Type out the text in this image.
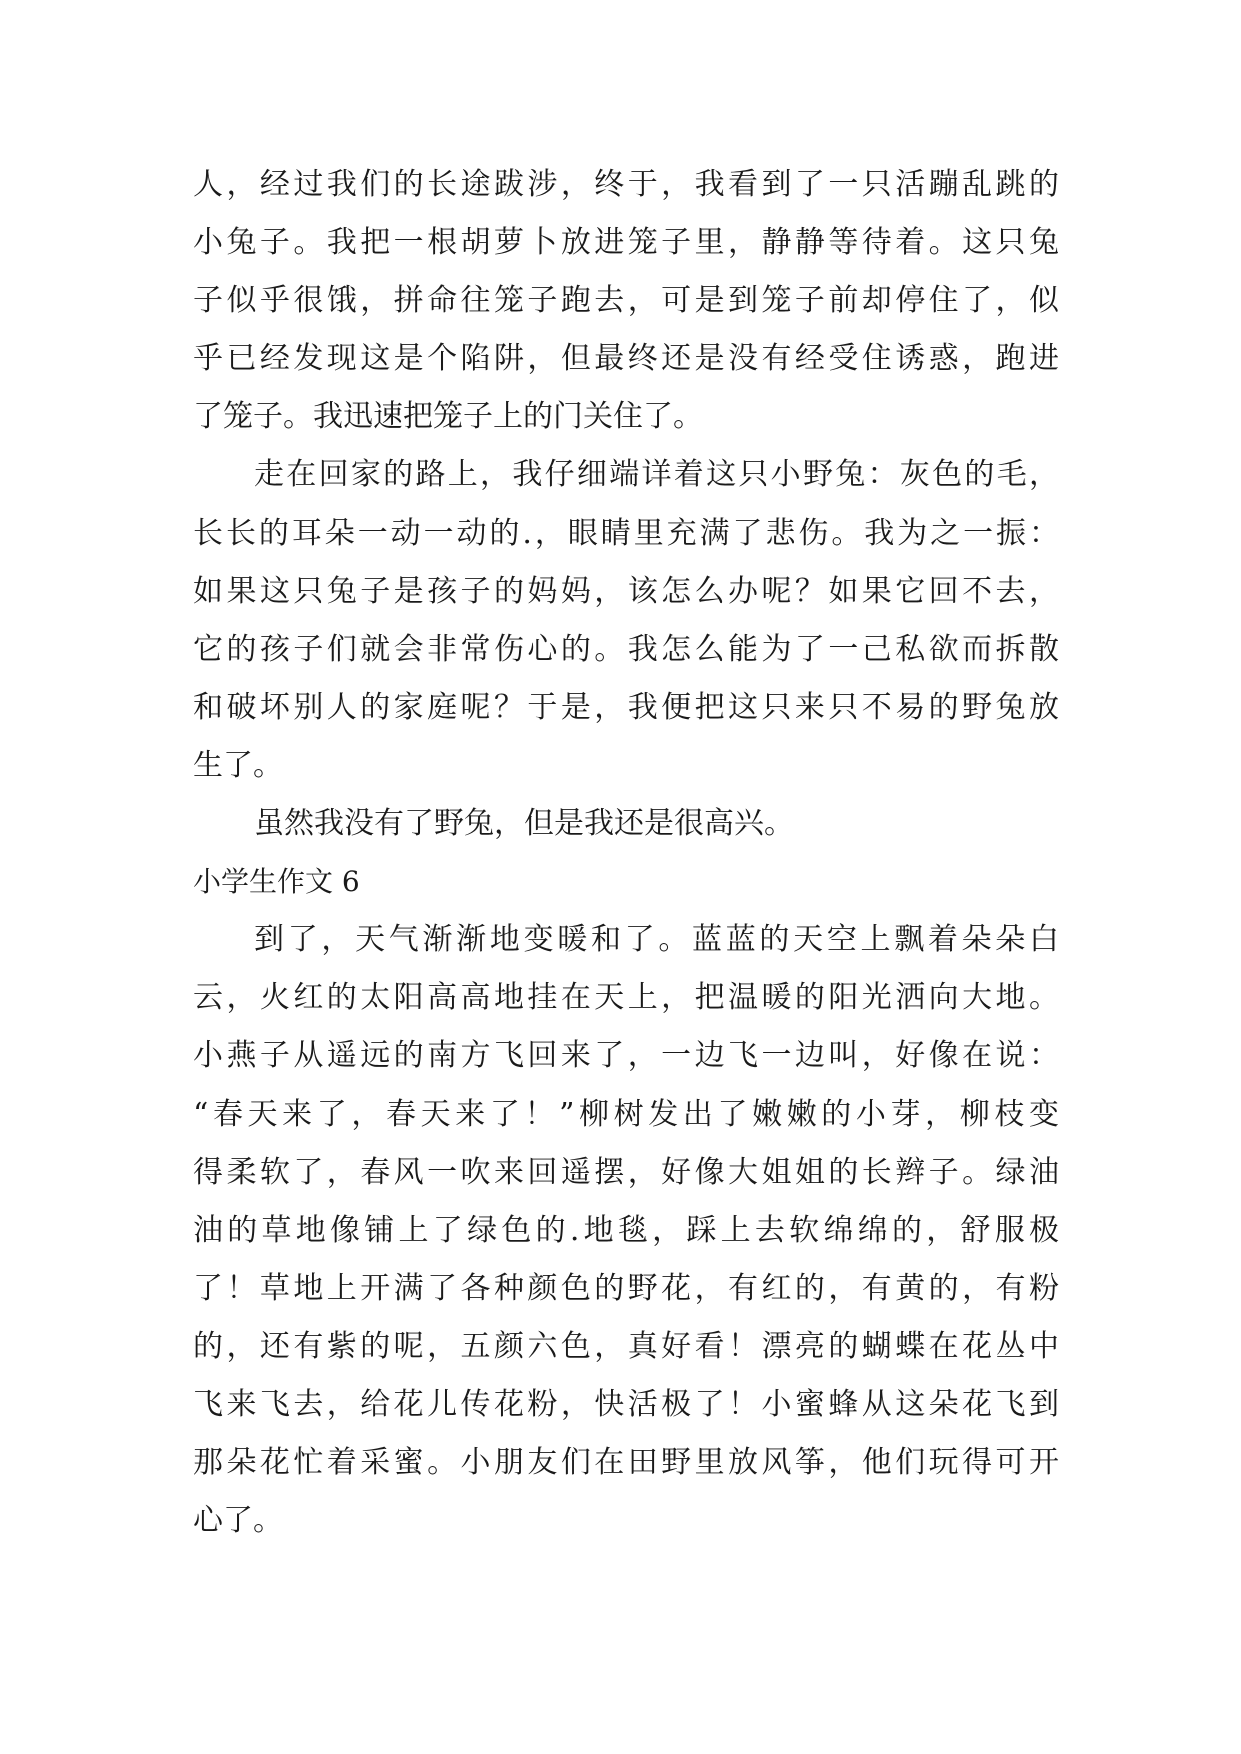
人，经过我们的长途跋涉，终于，我看到了一只活蹦乱跳的
小兔子。我把一根胡萝卜放进笼子里，静静等待着。这只兔
子似乎很饿，拼命往笼子跑去，可是到笼子前却停住了，似
乎已经发现这是个陷阱，但最终还是没有经受住诱惑，跑进
了笼子。我迅速把笼子上的门关住了。
走在回家的路上，我仔细端详着这只小野兔：灰色的毛，
长长的耳朵一动一动的.，眼睛里充满了悲伤。我为之一振：
如果这只兔子是孩子的妈妈，该怎么办呢？如果它回不去，
它的孩子们就会非常伤心的。我怎么能为了一己私欲而拆散
和破坏别人的家庭呢？于是，我便把这只来只不易的野兔放
生了。
虽然我没有了野兔，但是我还是很高兴。
小学生作文 6
到了，天气渐渐地变暖和了。蓝蓝的天空上飘着朵朵白
云，火红的太阳高高地挂在天上，把温暖的阳光洒向大地。
小燕子从遥远的南方飞回来了，一边飞一边叫，好像在说：
“春天来了，春天来了！”柳树发出了嫩嫩的小芽，柳枝变
得柔软了，春风一吹来回遥摆，好像大姐姐的长辫子。绿油
油的草地像铺上了绿色的.地毯，踩上去软绵绵的，舒服极
了！草地上开满了各种颜色的野花，有红的，有黄的，有粉
的，还有紫的呢，五颜六色，真好看！漂亮的蝴蝶在花丛中
飞来飞去，给花儿传花粉，快活极了！小蜜蜂从这朵花飞到
那朵花忙着采蜜。小朋友们在田野里放风筝，他们玩得可开
心了。
